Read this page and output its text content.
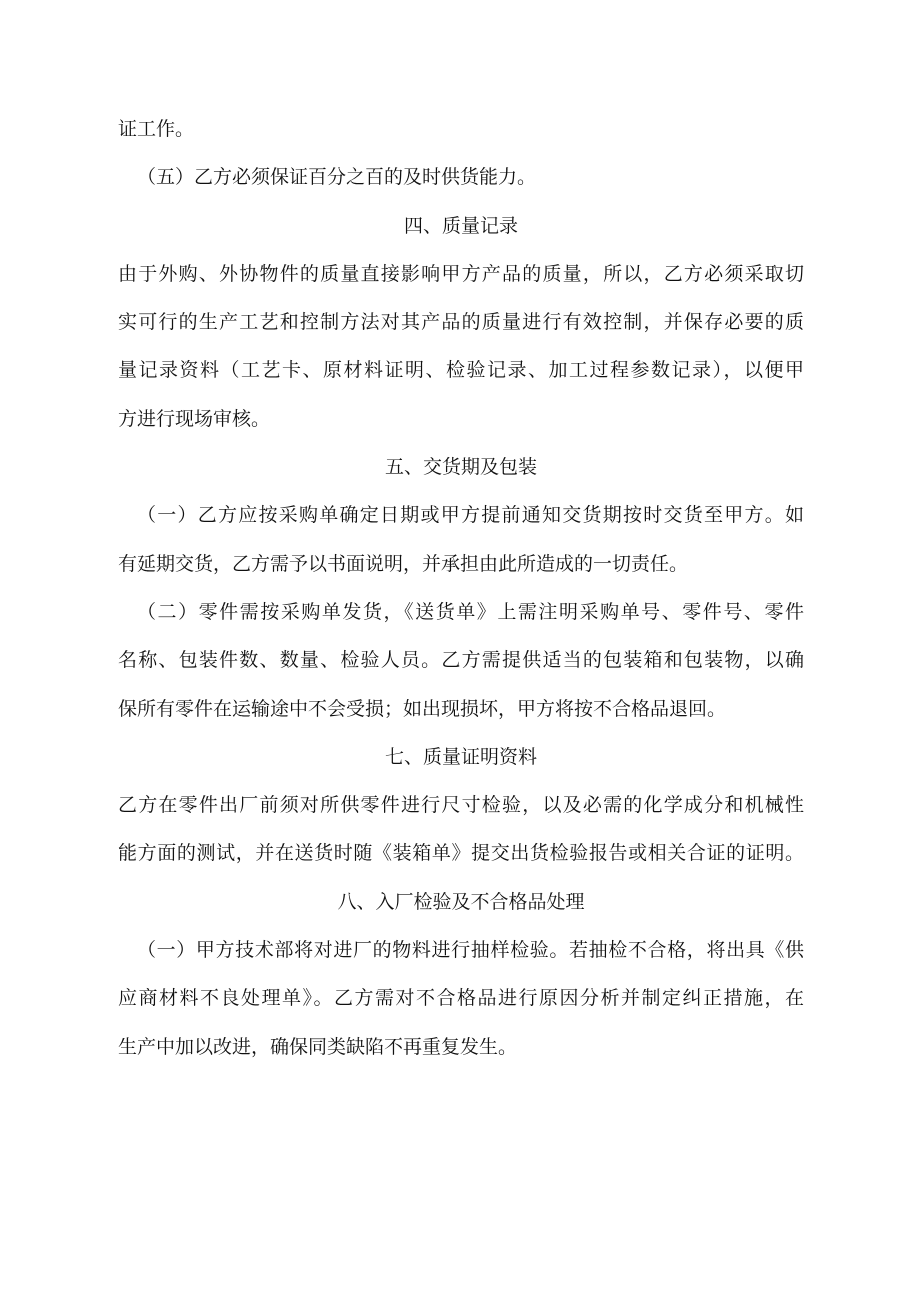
证工作。
（五）乙方必须保证百分之百的及时供货能力。
四、质量记录
由于外购、外协物件的质量直接影响甲方产品的质量，所以，乙方必须采取切
实可行的生产工艺和控制方法对其产品的质量进行有效控制，并保存必要的质
量记录资料（工艺卡、原材料证明、检验记录、加工过程参数记录），以便甲
方进行现场审核。
五、交货期及包装
（一）乙方应按采购单确定日期或甲方提前通知交货期按时交货至甲方。如
有延期交货，乙方需予以书面说明，并承担由此所造成的一切责任。
（二）零件需按采购单发货，《送货单》上需注明采购单号、零件号、零件
名称、包装件数、数量、检验人员。乙方需提供适当的包装箱和包装物，以确
保所有零件在运输途中不会受损；如出现损坏，甲方将按不合格品退回。
七、质量证明资料
乙方在零件出厂前须对所供零件进行尺寸检验，以及必需的化学成分和机械性
能方面的测试，并在送货时随《装箱单》提交出货检验报告或相关合证的证明。
八、入厂检验及不合格品处理
（一）甲方技术部将对进厂的物料进行抽样检验。若抽检不合格，将出具《供
应商材料不良处理单》。乙方需对不合格品进行原因分析并制定纠正措施，在
生产中加以改进，确保同类缺陷不再重复发生。
